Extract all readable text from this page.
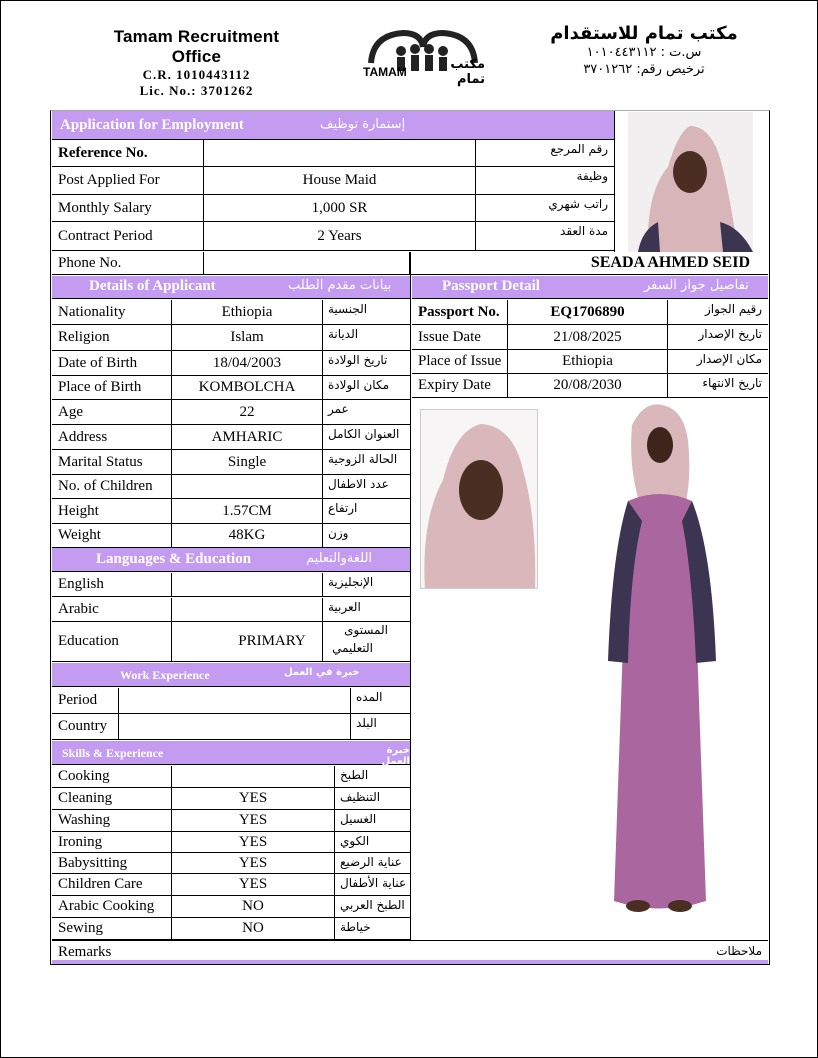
Tamam Recruitment Office
C.R. 1010443112
Lic. No.: 3701262
TAMAM	مكتب تمام
مكتب تمام للاستقدام
س.ت : ١٠١٠٤٤٣١١٢
ترخيص رقم: ٣٧٠١٢٦٢
Application for Employment	إستمارة توظيف
Reference No.	رقم المرجع
Post Applied For	House Maid	وظيفة
Monthly Salary	1,000 SR	راتب شهري
Contract Period	2 Years	مدة العقد
Phone No.	SEADA AHMED SEID
Details of Applicant	بيانات مقدم الطلب
Nationality	Ethiopia	الجنسية
Religion	Islam	الديانة
Date of Birth	18/04/2003	تاريخ الولادة
Place of Birth	KOMBOLCHA	مكان الولادة
Age	22	عمر
Address	AMHARIC	العنوان الكامل
Marital Status	Single	الحالة الزوجية
No. of Children	عدد الاطفال
Height	1.57CM	ارتفاع
Weight	48KG	وزن
Passport Detail	تفاصيل جواز السفر
Passport No.	EQ1706890	رقيم الجواز
Issue Date	21/08/2025	تاريخ الإصدار
Place of Issue	Ethiopia	مكان الإصدار
Expiry Date	20/08/2030	تاريخ الانتهاء
Languages & Education	اللغةوالتعليم
English	الإنجليزية
Arabic	العربية
Education	PRIMARY
المستوى
التعليمي
Work Experience	خبرة في العمل
Period	المده
Country	البلد
Skills & Experience	خبرة العمل
Cooking	الطبخ
Cleaning	YES	التنظيف
Washing	YES	الغسيل
Ironing	YES	الكوي
Babysitting	YES	عناية الرضيع
Children Care	YES	عناية الأطفال
Arabic Cooking	NO	الطبخ العربي
Sewing	NO	خياطة
Remarks	ملاحظات
